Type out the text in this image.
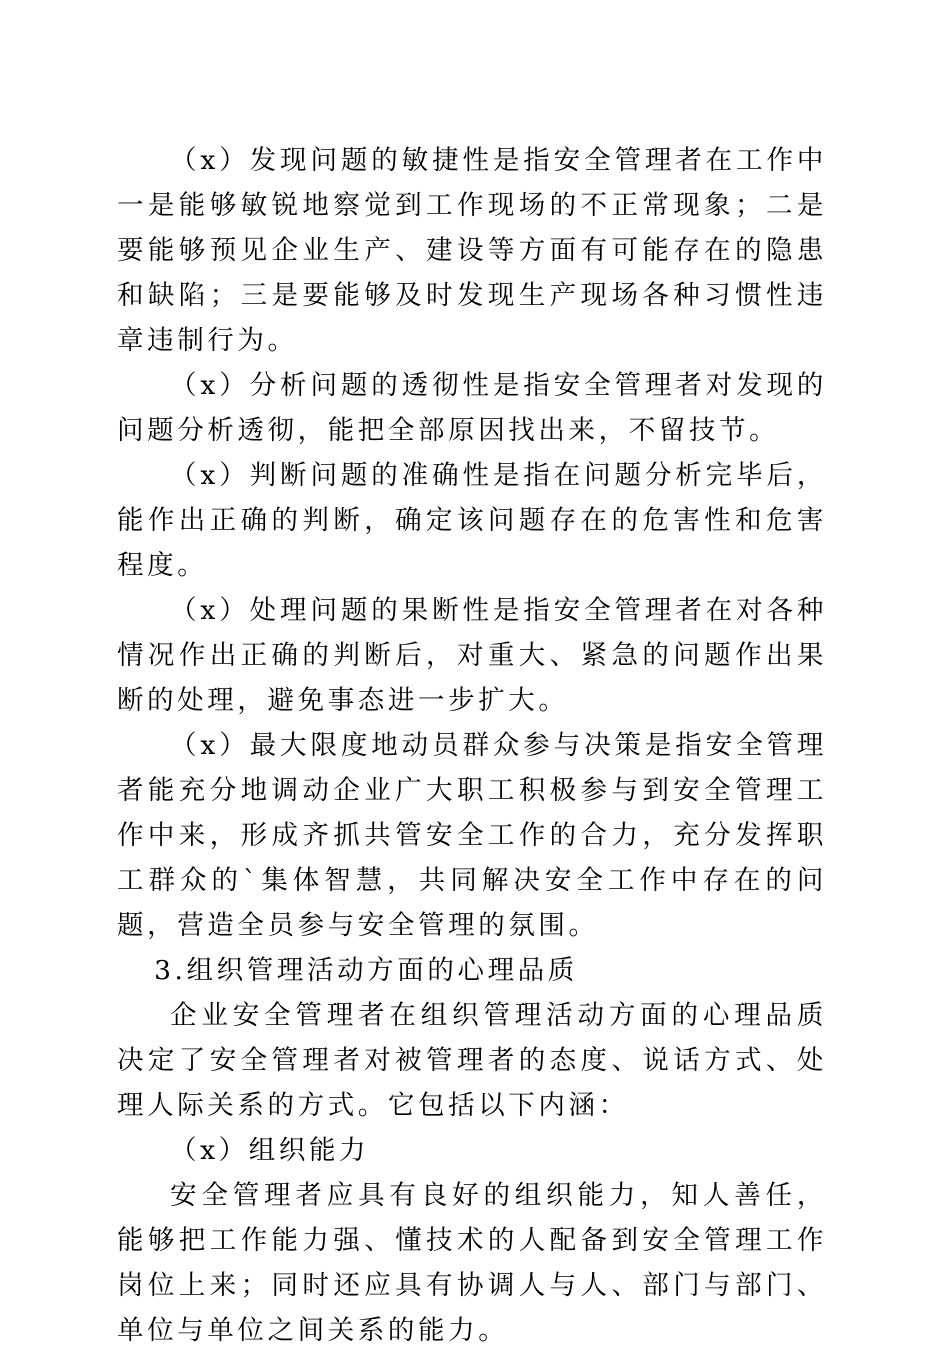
（x）发现问题的敏捷性是指安全管理者在工作中一是能够敏锐地察觉到工作现场的不正常现象；二是要能够预见企业生产、建设等方面有可能存在的隐患和缺陷；三是要能够及时发现生产现场各种习惯性违章违制行为。

（x）分析问题的透彻性是指安全管理者对发现的问题分析透彻，能把全部原因找出来，不留技节。

（x）判断问题的准确性是指在问题分析完毕后，能作出正确的判断，确定该问题存在的危害性和危害程度。

（x）处理问题的果断性是指安全管理者在对各种情况作出正确的判断后，对重大、紧急的问题作出果断的处理，避免事态进一步扩大。

（x）最大限度地动员群众参与决策是指安全管理者能充分地调动企业广大职工积极参与到安全管理工作中来，形成齐抓共管安全工作的合力，充分发挥职工群众的`集体智慧，共同解决安全工作中存在的问题，营造全员参与安全管理的氛围。

3.组织管理活动方面的心理品质

企业安全管理者在组织管理活动方面的心理品质决定了安全管理者对被管理者的态度、说话方式、处理人际关系的方式。它包括以下内涵：

（x）组织能力

安全管理者应具有良好的组织能力，知人善任，能够把工作能力强、懂技术的人配备到安全管理工作岗位上来；同时还应具有协调人与人、部门与部门、单位与单位之间关系的能力。
